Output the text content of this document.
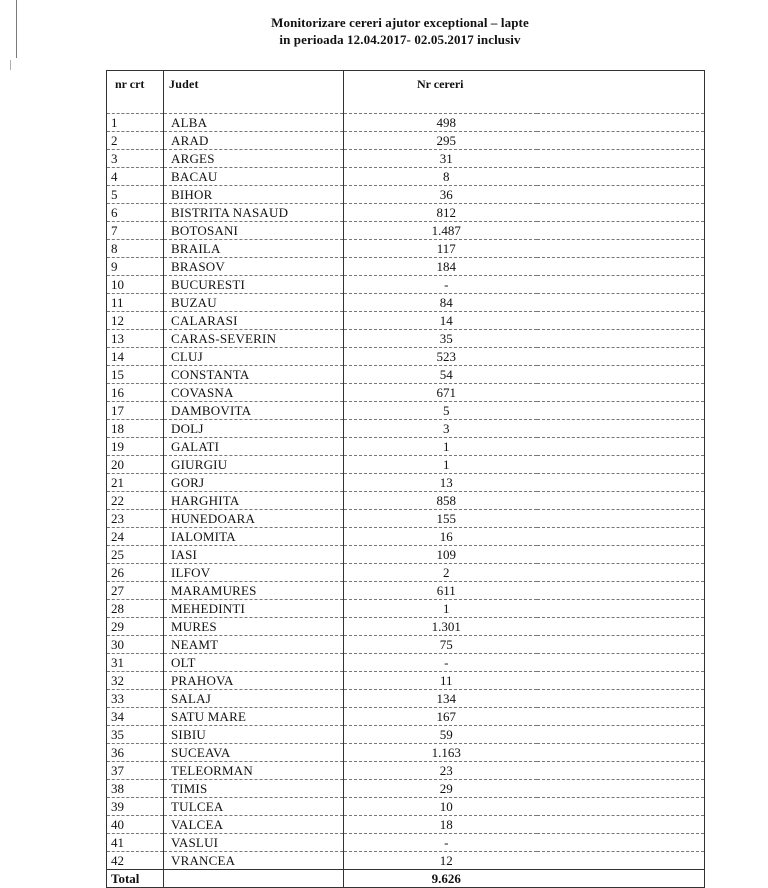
Monitorizare cereri ajutor exceptional – lapte
in perioada 12.04.2017- 02.05.2017 inclusiv
nr crt	Judet	Nr cereri	
1	ALBA	498	
2	ARAD	295	
3	ARGES	31	
4	BACAU	8	
5	BIHOR	36	
6	BISTRITA NASAUD	812	
7	BOTOSANI	1.487	
8	BRAILA	117	
9	BRASOV	184	
10	BUCURESTI	-	
11	BUZAU	84	
12	CALARASI	14	
13	CARAS-SEVERIN	35	
14	CLUJ	523	
15	CONSTANTA	54	
16	COVASNA	671	
17	DAMBOVITA	5	
18	DOLJ	3	
19	GALATI	1	
20	GIURGIU	1	
21	GORJ	13	
22	HARGHITA	858	
23	HUNEDOARA	155	
24	IALOMITA	16	
25	IASI	109	
26	ILFOV	2	
27	MARAMURES	611	
28	MEHEDINTI	1	
29	MURES	1.301	
30	NEAMT	75	
31	OLT	-	
32	PRAHOVA	11	
33	SALAJ	134	
34	SATU MARE	167	
35	SIBIU	59	
36	SUCEAVA	1.163	
37	TELEORMAN	23	
38	TIMIS	29	
39	TULCEA	10	
40	VALCEA	18	
41	VASLUI	-	
42	VRANCEA	12	
Total		9.626	
